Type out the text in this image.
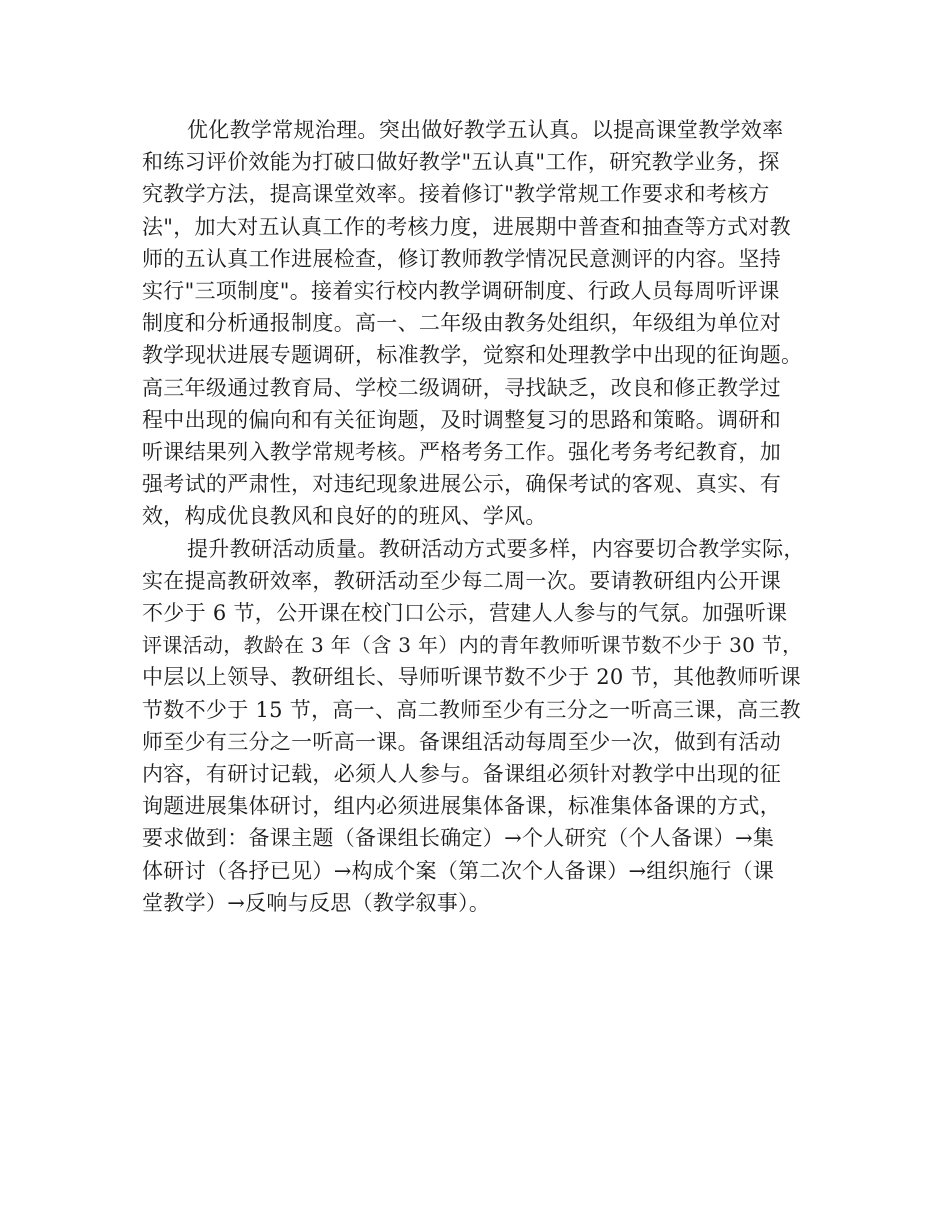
优化教学常规治理。突出做好教学五认真。以提高课堂教学效率
和练习评价效能为打破口做好教学"五认真"工作，研究教学业务，探
究教学方法，提高课堂效率。接着修订"教学常规工作要求和考核方
法"，加大对五认真工作的考核力度，进展期中普查和抽查等方式对教
师的五认真工作进展检查，修订教师教学情况民意测评的内容。坚持
实行"三项制度"。接着实行校内教学调研制度、行政人员每周听评课
制度和分析通报制度。高一、二年级由教务处组织，年级组为单位对
教学现状进展专题调研，标准教学，觉察和处理教学中出现的征询题。
高三年级通过教育局、学校二级调研，寻找缺乏，改良和修正教学过
程中出现的偏向和有关征询题，及时调整复习的思路和策略。调研和
听课结果列入教学常规考核。严格考务工作。强化考务考纪教育，加
强考试的严肃性，对违纪现象进展公示，确保考试的客观、真实、有
效，构成优良教风和良好的的班风、学风。
提升教研活动质量。教研活动方式要多样，内容要切合教学实际，
实在提高教研效率，教研活动至少每二周一次。要请教研组内公开课
不少于 6 节，公开课在校门口公示，营建人人参与的气氛。加强听课
评课活动，教龄在 3 年（含 3 年）内的青年教师听课节数不少于 30 节，
中层以上领导、教研组长、导师听课节数不少于 20 节，其他教师听课
节数不少于 15 节，高一、高二教师至少有三分之一听高三课，高三教
师至少有三分之一听高一课。备课组活动每周至少一次，做到有活动
内容，有研讨记载，必须人人参与。备课组必须针对教学中出现的征
询题进展集体研讨，组内必须进展集体备课，标准集体备课的方式，
要求做到：备课主题（备课组长确定）→个人研究（个人备课）→集
体研讨（各抒已见）→构成个案（第二次个人备课）→组织施行（课
堂教学）→反响与反思（教学叙事）。
